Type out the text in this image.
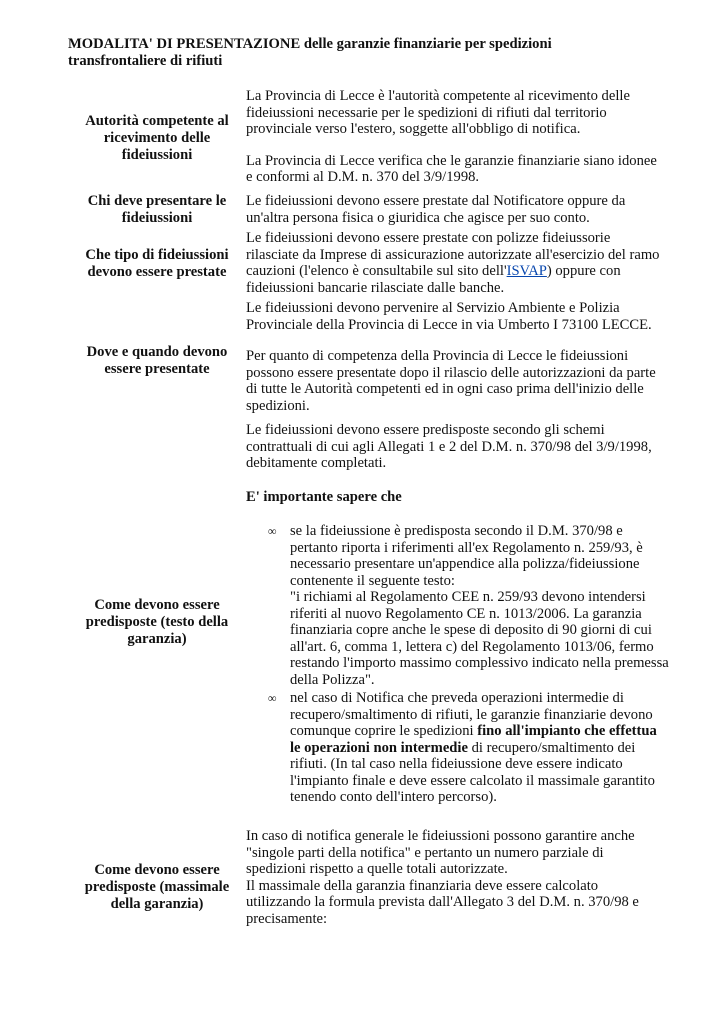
MODALITA' DI PRESENTAZIONE delle garanzie finanziarie per spedizioni
transfrontaliere di rifiuti
Autorità competente al ricevimento delle fideiussioni

La Provincia di Lecce è l'autorità competente al ricevimento delle fideiussioni necessarie per le spedizioni di rifiuti dal territorio provinciale verso l'estero, soggette all'obbligo di notifica.

La Provincia di Lecce verifica che le garanzie finanziarie siano idonee e conformi al D.M. n. 370 del 3/9/1998.

Chi deve presentare le fideiussioni

Le fideiussioni devono essere prestate dal Notificatore oppure da un'altra persona fisica o giuridica che agisce per suo conto.

Che tipo di fideiussioni devono essere prestate

Le fideiussioni devono essere prestate con polizze fideiussorie rilasciate da Imprese di assicurazione autorizzate all'esercizio del ramo cauzioni (l'elenco è consultabile sul sito dell'ISVAP) oppure con fideiussioni bancarie rilasciate dalle banche.

Dove e quando devono essere presentate

Le fideiussioni devono pervenire al Servizio Ambiente e Polizia Provinciale della Provincia di Lecce in via Umberto I 73100 LECCE.

Per quanto di competenza della Provincia di Lecce le fideiussioni possono essere presentate dopo il rilascio delle autorizzazioni da parte di tutte le Autorità competenti ed in ogni caso prima dell'inizio delle spedizioni.

Come devono essere predisposte (testo della garanzia)

Le fideiussioni devono essere predisposte secondo gli schemi contrattuali di cui agli Allegati 1 e 2 del D.M. n. 370/98 del 3/9/1998, debitamente completati.

E' importante sapere che
∞ se la fideiussione è predisposta secondo il D.M. 370/98 e pertanto riporta i riferimenti all'ex Regolamento n. 259/93, è necessario presentare un'appendice alla polizza/fideiussione contenente il seguente testo:
"i richiami al Regolamento CEE n. 259/93 devono intendersi riferiti al nuovo Regolamento CE n. 1013/2006. La garanzia finanziaria copre anche le spese di deposito di 90 giorni di cui all'art. 6, comma 1, lettera c) del Regolamento 1013/06, fermo restando l'importo massimo complessivo indicato nella premessa della Polizza".
∞ nel caso di Notifica che preveda operazioni intermedie di recupero/smaltimento di rifiuti, le garanzie finanziarie devono comunque coprire le spedizioni fino all'impianto che effettua le operazioni non intermedie di recupero/smaltimento dei rifiuti. (In tal caso nella fideiussione deve essere indicato l'impianto finale e deve essere calcolato il massimale garantito tenendo conto dell'intero percorso).
Come devono essere predisposte (massimale della garanzia)

In caso di notifica generale le fideiussioni possono garantire anche "singole parti della notifica" e pertanto un numero parziale di spedizioni rispetto a quelle totali autorizzate.

Il massimale della garanzia finanziaria deve essere calcolato utilizzando la formula prevista dall'Allegato 3 del D.M. n. 370/98 e precisamente:
